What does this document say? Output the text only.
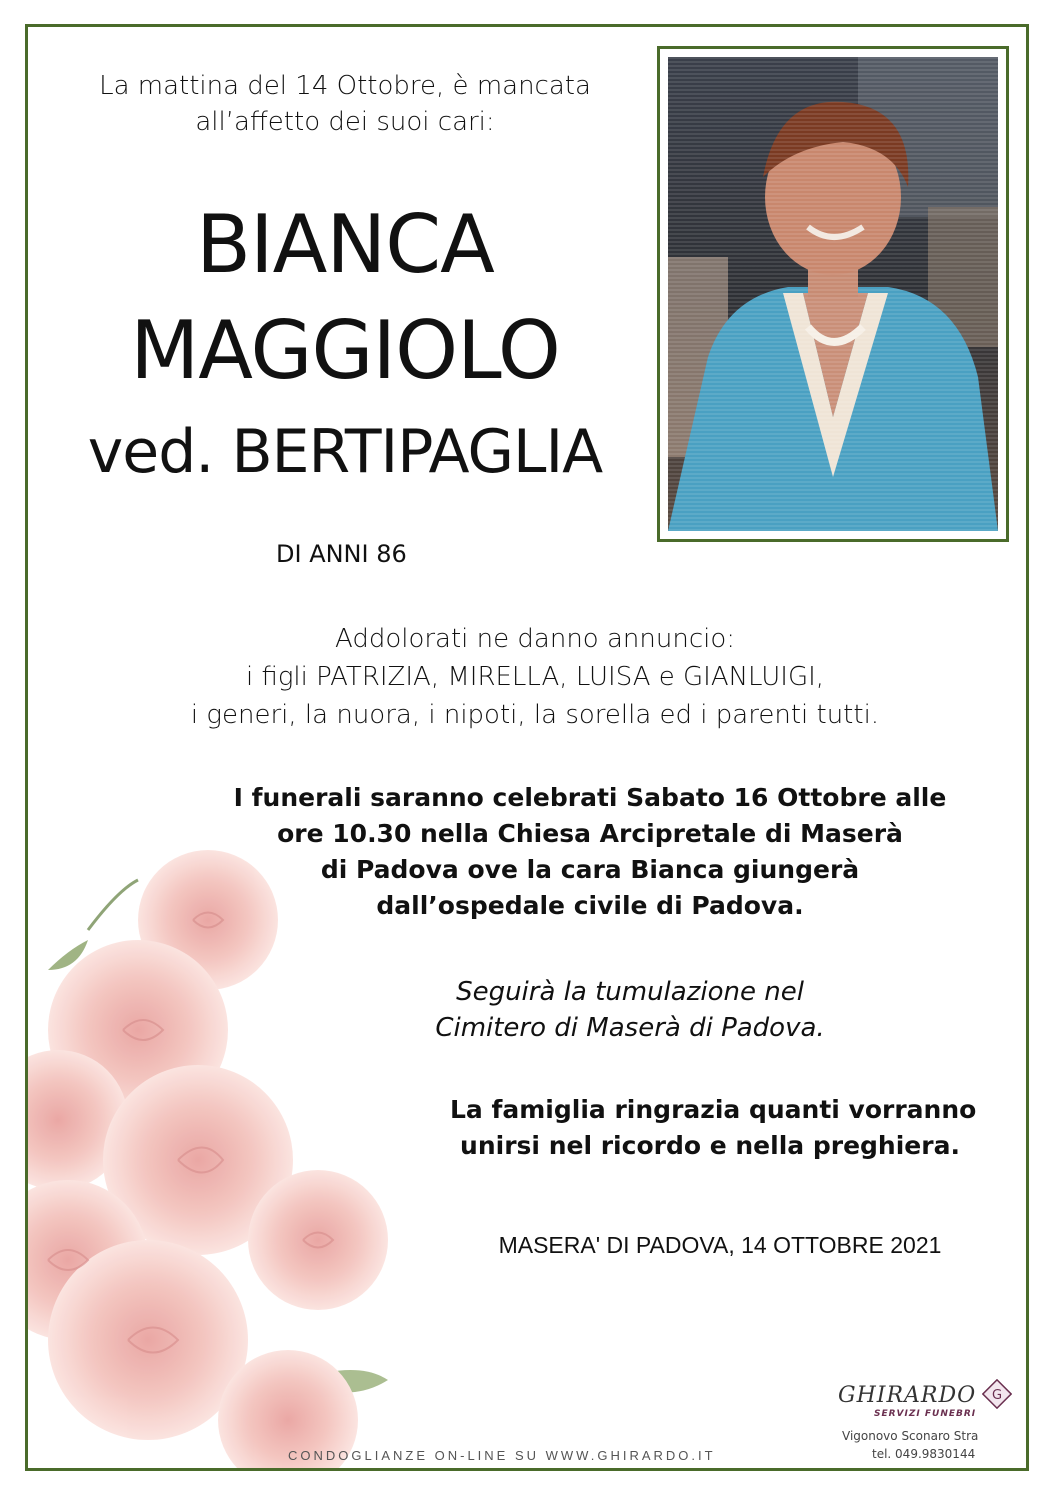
La mattina del 14 Ottobre, è mancata
all’affetto dei suoi cari:
BIANCA
MAGGIOLO
ved. BERTIPAGLIA
DI ANNI 86
Addolorati ne danno annuncio:
i figli PATRIZIA, MIRELLA, LUISA e GIANLUIGI,
i generi, la nuora, i nipoti, la sorella ed i parenti tutti.
I funerali saranno celebrati Sabato 16 Ottobre alle
ore 10.30 nella Chiesa Arcipretale di Maserà
di Padova ove la cara Bianca giungerà
dall’ospedale civile di Padova.
Seguirà la tumulazione nel
Cimitero di Maserà di Padova.
La famiglia ringrazia quanti vorranno
unirsi nel ricordo e nella preghiera.
MASERA' DI PADOVA, 14 OTTOBRE 2021
CONDOGLIANZE ON-LINE SU WWW.GHIRARDO.IT
GHIRARDO
SERVIZI FUNEBRI
G
Vigonovo Sconaro Stra
tel. 049.9830144
